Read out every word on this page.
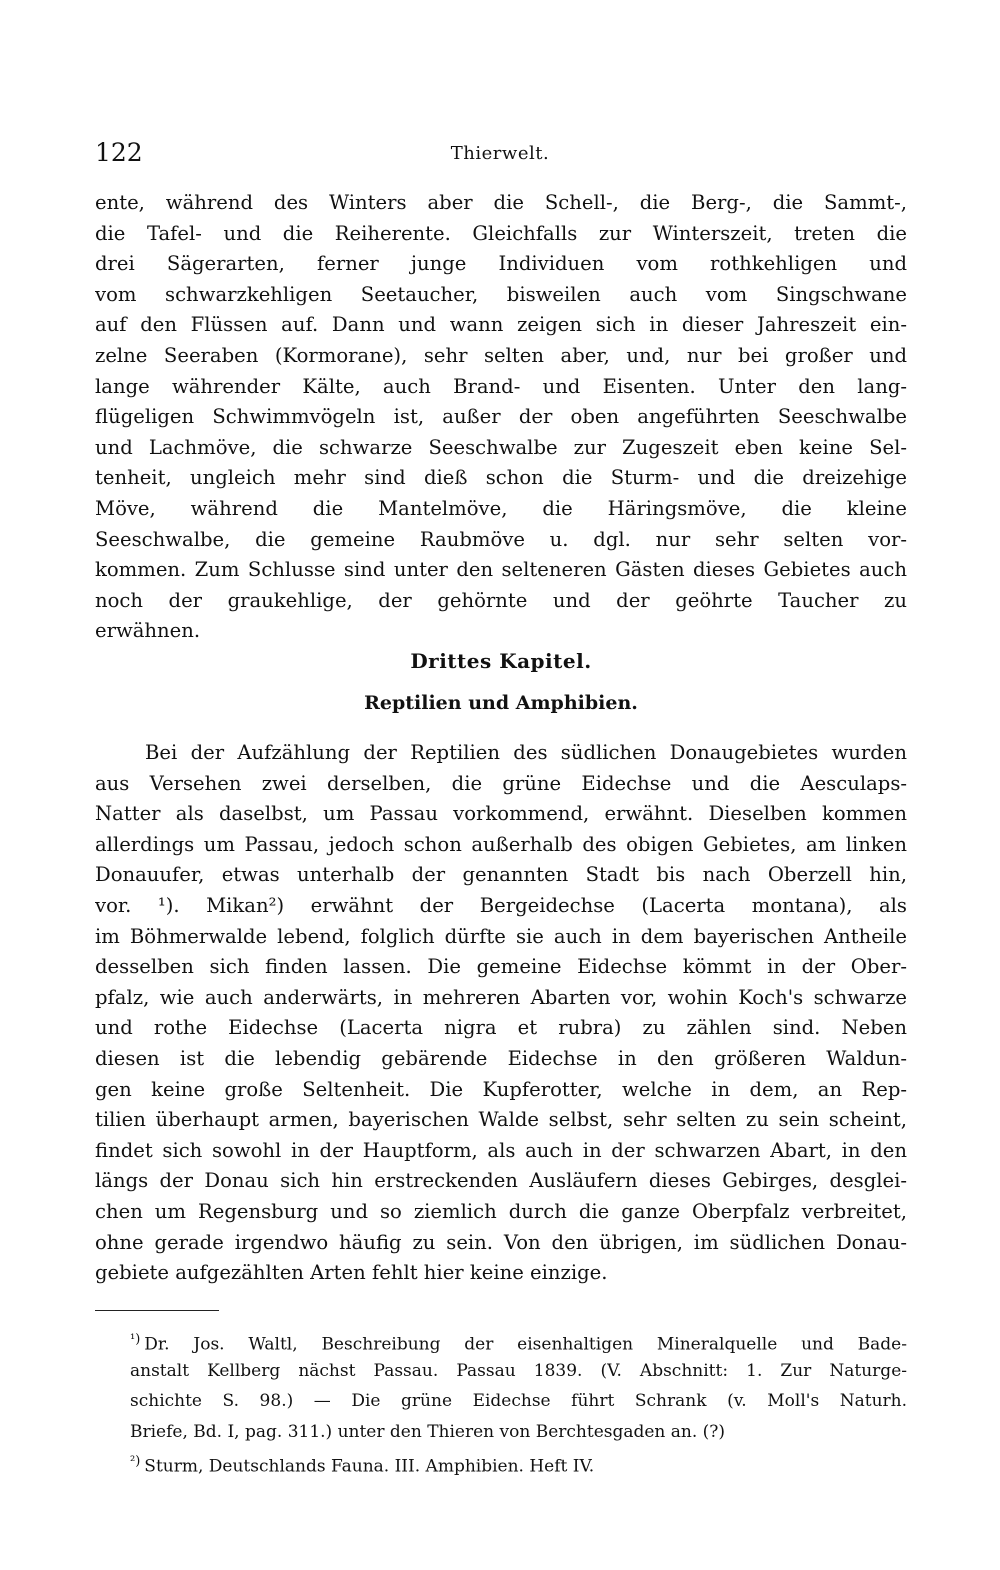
122	Thierwelt.
ente, während des Winters aber die Schell-, die Berg-, die Sammt-,
die Tafel- und die Reiherente. Gleichfalls zur Winterszeit, treten die
drei Sägerarten, ferner junge Individuen vom rothkehligen und
vom schwarzkehligen Seetaucher, bisweilen auch vom Singschwane
auf den Flüssen auf. Dann und wann zeigen sich in dieser Jahreszeit ein-
zelne Seeraben (Kormorane), sehr selten aber, und, nur bei großer und
lange währender Kälte, auch Brand- und Eisenten. Unter den lang-
flügeligen Schwimmvögeln ist, außer der oben angeführten Seeschwalbe
und Lachmöve, die schwarze Seeschwalbe zur Zugeszeit eben keine Sel-
tenheit, ungleich mehr sind dieß schon die Sturm- und die dreizehige
Möve, während die Mantelmöve, die Häringsmöve, die kleine
Seeschwalbe, die gemeine Raubmöve u. dgl. nur sehr selten vor-
kommen. Zum Schlusse sind unter den selteneren Gästen dieses Gebietes auch
noch der graukehlige, der gehörnte und der geöhrte Taucher zu
erwähnen.
Drittes Kapitel.
Reptilien und Amphibien.
Bei der Aufzählung der Reptilien des südlichen Donaugebietes wurden
aus Versehen zwei derselben, die grüne Eidechse und die Aesculaps-
Natter als daselbst, um Passau vorkommend, erwähnt. Dieselben kommen
allerdings um Passau, jedoch schon außerhalb des obigen Gebietes, am linken
Donauufer, etwas unterhalb der genannten Stadt bis nach Oberzell hin,
vor. ¹). Mikan²) erwähnt der Bergeidechse (Lacerta montana), als
im Böhmerwalde lebend, folglich dürfte sie auch in dem bayerischen Antheile
desselben sich finden lassen. Die gemeine Eidechse kömmt in der Ober-
pfalz, wie auch anderwärts, in mehreren Abarten vor, wohin Koch's schwarze
und rothe Eidechse (Lacerta nigra et rubra) zu zählen sind. Neben
diesen ist die lebendig gebärende Eidechse in den größeren Waldun-
gen keine große Seltenheit. Die Kupferotter, welche in dem, an Rep-
tilien überhaupt armen, bayerischen Walde selbst, sehr selten zu sein scheint,
findet sich sowohl in der Hauptform, als auch in der schwarzen Abart, in den
längs der Donau sich hin erstreckenden Ausläufern dieses Gebirges, desglei-
chen um Regensburg und so ziemlich durch die ganze Oberpfalz verbreitet,
ohne gerade irgendwo häufig zu sein. Von den übrigen, im südlichen Donau-
gebiete aufgezählten Arten fehlt hier keine einzige.
$^{^1)}$ Dr. Jos. Waltl, Beschreibung der eisenhaltigen Mineralquelle und Bade-
anstalt Kellberg nächst Passau. Passau 1839. (V. Abschnitt: 1. Zur Naturge-
schichte S. 98.) — Die grüne Eidechse führt Schrank (v. Moll's Naturh.
Briefe, Bd. I, pag. 311.) unter den Thieren von Berchtesgaden an. (?)
$^{^2)}$ Sturm, Deutschlands Fauna. III. Amphibien. Heft IV.
